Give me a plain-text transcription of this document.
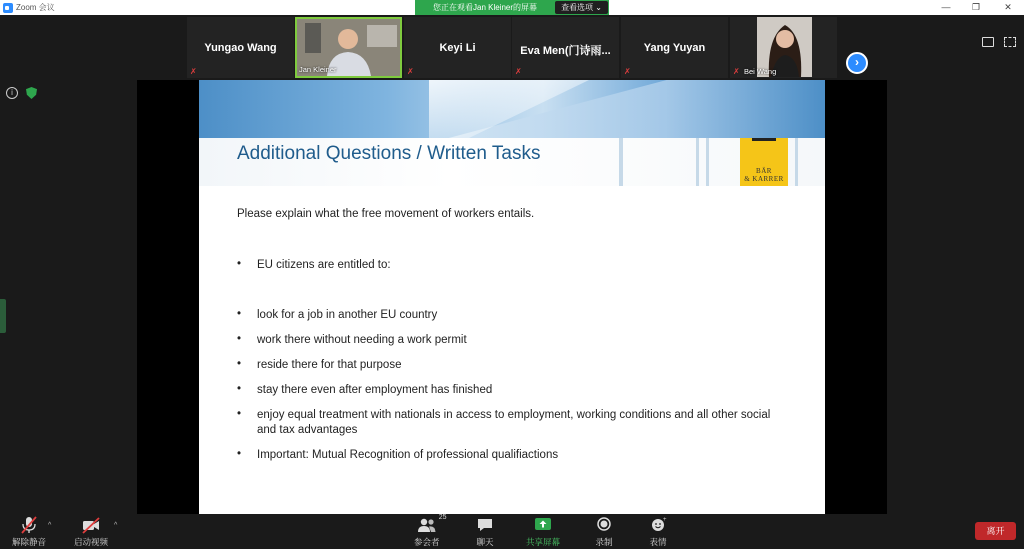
Zoom 会议	—	❐	✕
您正在观看Jan Kleiner的屏幕	查看选项 ⌄
Yungao Wang
✗	Jan Kleiner
Keyi Li
✗
Eva Men(门诗雨...
✗
Yang Yuyan
✗	✗ Bei Wang
›
i
Additional Questions / Written Tasks
BÄR
& KARRER
Please explain what the free movement of workers entails.
•	EU citizens are entitled to:
•	look for a job in another EU country
•	work there without needing a work permit
•	reside there for that purpose
•	stay there even after employment has finished
•	enjoy equal treatment with nationals in access to employment, working conditions and all other social and tax advantages
•	Important: Mutual Recognition of professional qualifiactions
解除静音
^
启动视频
^
25
参会者	聊天	共享屏幕	录制
+
表情
离开
